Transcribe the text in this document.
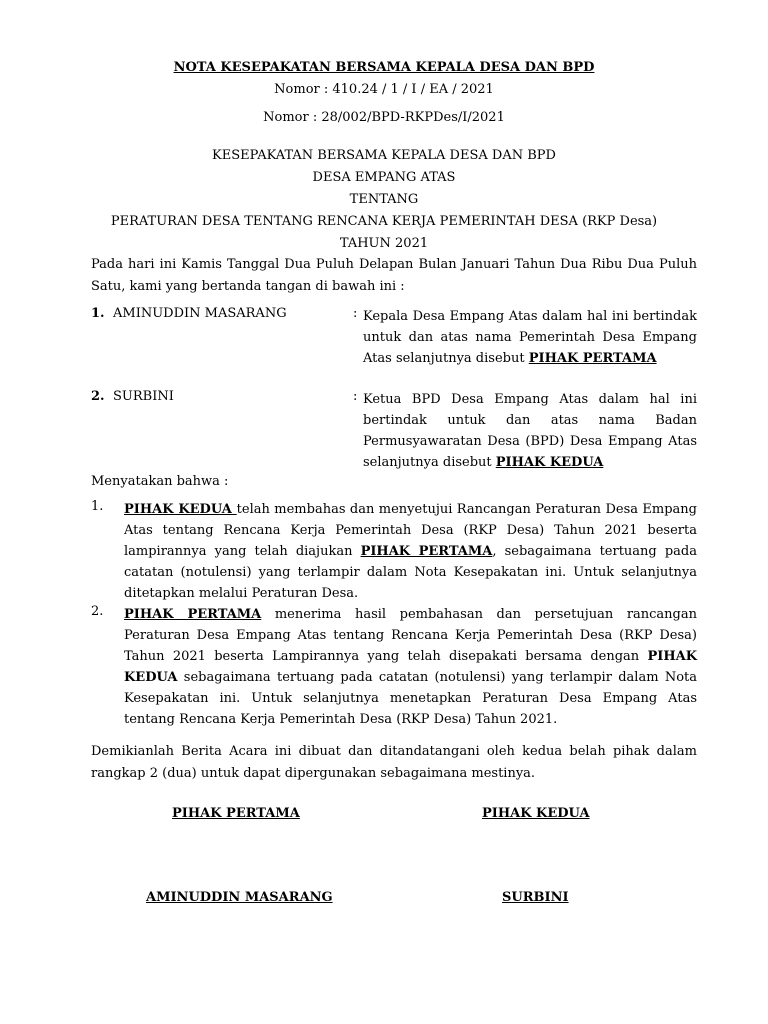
NOTA KESEPAKATAN BERSAMA KEPALA DESA DAN BPD
Nomor : 410.24 / 1 / I / EA / 2021
Nomor : 28/002/BPD-RKPDes/I/2021
KESEPAKATAN BERSAMA KEPALA DESA DAN BPD
DESA EMPANG ATAS
TENTANG
PERATURAN DESA TENTANG RENCANA KERJA PEMERINTAH DESA (RKP Desa)
TAHUN 2021
Pada hari ini Kamis Tanggal Dua Puluh Delapan Bulan Januari Tahun Dua Ribu Dua Puluh Satu, kami yang bertanda tangan di bawah ini :
1. AMINUDDIN MASARANG	: Kepala Desa Empang Atas dalam hal ini bertindak untuk dan atas nama Pemerintah Desa Empang Atas selanjutnya disebut PIHAK PERTAMA
2. SURBINI	: Ketua BPD Desa Empang Atas dalam hal ini bertindak untuk dan atas nama Badan Permusyawaratan Desa (BPD) Desa Empang Atas selanjutnya disebut PIHAK KEDUA
Menyatakan bahwa :
1. PIHAK KEDUA telah membahas dan menyetujui Rancangan Peraturan Desa Empang Atas tentang Rencana Kerja Pemerintah Desa (RKP Desa) Tahun 2021 beserta lampirannya yang telah diajukan PIHAK PERTAMA, sebagaimana tertuang pada catatan (notulensi) yang terlampir dalam Nota Kesepakatan ini. Untuk selanjutnya ditetapkan melalui Peraturan Desa.
2. PIHAK PERTAMA menerima hasil pembahasan dan persetujuan rancangan Peraturan Desa Empang Atas tentang Rencana Kerja Pemerintah Desa (RKP Desa) Tahun 2021 beserta Lampirannya yang telah disepakati bersama dengan PIHAK KEDUA sebagaimana tertuang pada catatan (notulensi) yang terlampir dalam Nota Kesepakatan ini. Untuk selanjutnya menetapkan Peraturan Desa Empang Atas tentang Rencana Kerja Pemerintah Desa (RKP Desa) Tahun 2021.
Demikianlah Berita Acara ini dibuat dan ditandatangani oleh kedua belah pihak dalam rangkap 2 (dua) untuk dapat dipergunakan sebagaimana mestinya.
PIHAK PERTAMA	PIHAK KEDUA
AMINUDDIN MASARANG	SURBINI
